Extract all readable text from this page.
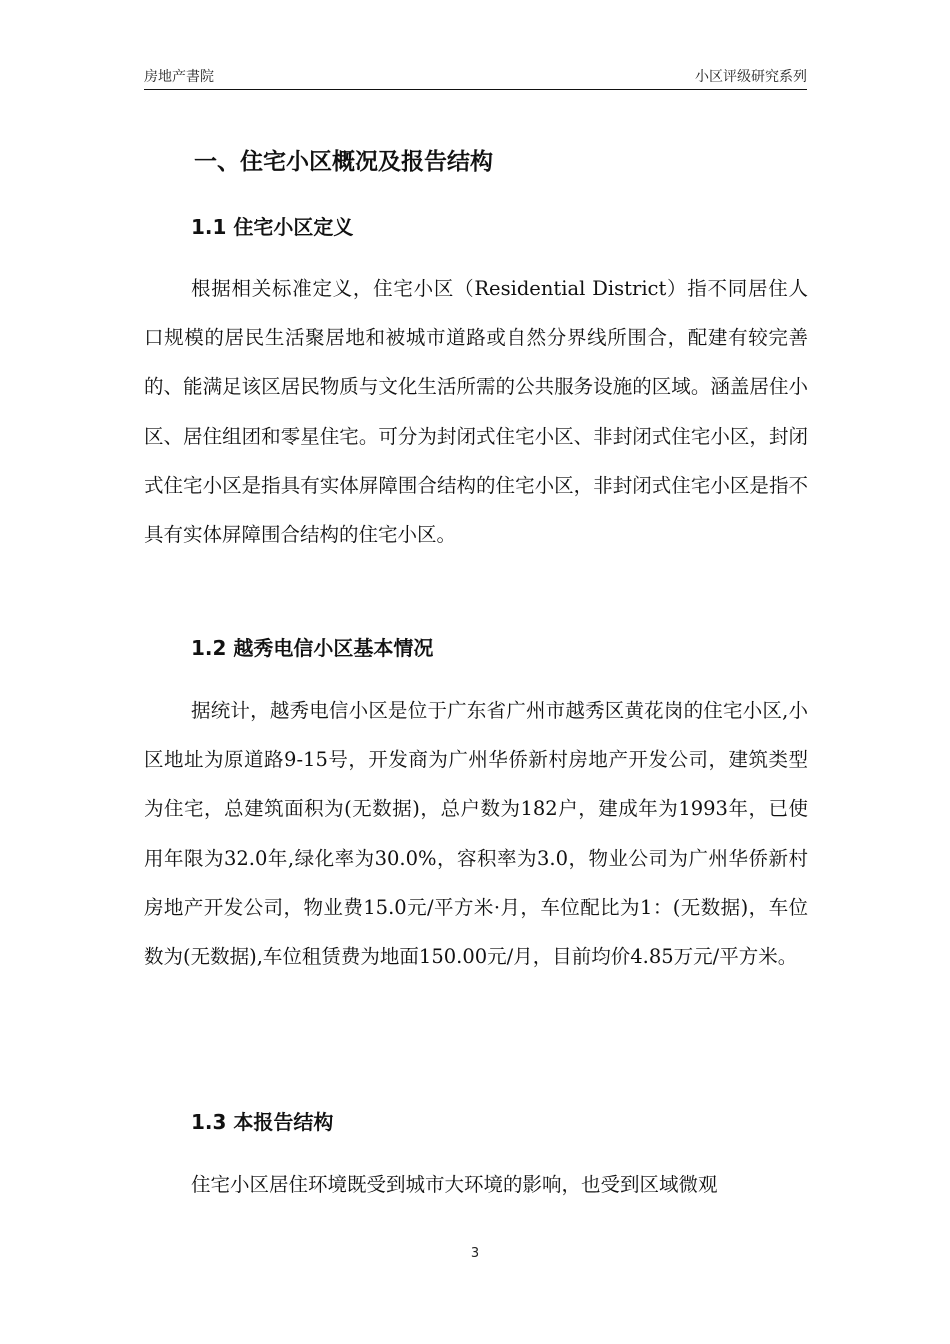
房地产書院	小区评级研究系列
一、住宅小区概况及报告结构
1.1 住宅小区定义

根据相关标准定义，住宅小区（Residential District）指不同居住人口规模的居民生活聚居地和被城市道路或自然分界线所围合，配建有较完善的、能满足该区居民物质与文化生活所需的公共服务设施的区域。涵盖居住小区、居住组团和零星住宅。可分为封闭式住宅小区、非封闭式住宅小区，封闭式住宅小区是指具有实体屏障围合结构的住宅小区，非封闭式住宅小区是指不具有实体屏障围合结构的住宅小区。

1.2 越秀电信小区基本情况

据统计，越秀电信小区是位于广东省广州市越秀区黄花岗的住宅小区,小区地址为原道路9-15号，开发商为广州华侨新村房地产开发公司，建筑类型为住宅，总建筑面积为(无数据)，总户数为182户，建成年为1993年，已使用年限为32.0年,绿化率为30.0%，容积率为3.0，物业公司为广州华侨新村房地产开发公司，物业费15.0元/平方米·月，车位配比为1：(无数据)，车位数为(无数据),车位租赁费为地面150.00元/月，目前均价4.85万元/平方米。

1.3 本报告结构

住宅小区居住环境既受到城市大环境的影响，也受到区域微观

3
